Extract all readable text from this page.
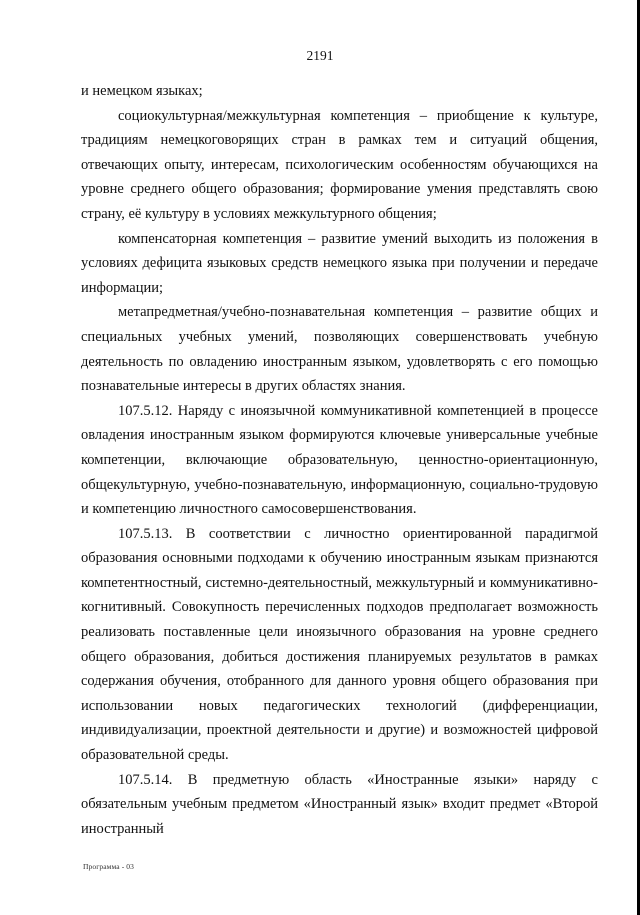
2191

и немецком языках;

социокультурная/межкультурная компетенция – приобщение к культуре, традициям немецкоговорящих стран в рамках тем и ситуаций общения, отвечающих опыту, интересам, психологическим особенностям обучающихся на уровне среднего общего образования; формирование умения представлять свою страну, её культуру в условиях межкультурного общения;

компенсаторная компетенция – развитие умений выходить из положения в условиях дефицита языковых средств немецкого языка при получении и передаче информации;

метапредметная/учебно-познавательная компетенция – развитие общих и специальных учебных умений, позволяющих совершенствовать учебную деятельность по овладению иностранным языком, удовлетворять с его помощью познавательные интересы в других областях знания.

107.5.12. Наряду с иноязычной коммуникативной компетенцией в процессе овладения иностранным языком формируются ключевые универсальные учебные компетенции, включающие образовательную, ценностно-ориентационную, общекультурную, учебно-познавательную, информационную, социально-трудовую и компетенцию личностного самосовершенствования.

107.5.13. В соответствии с личностно ориентированной парадигмой образования основными подходами к обучению иностранным языкам признаются компетентностный, системно-деятельностный, межкультурный и коммуникативно-когнитивный. Совокупность перечисленных подходов предполагает возможность реализовать поставленные цели иноязычного образования на уровне среднего общего образования, добиться достижения планируемых результатов в рамках содержания обучения, отобранного для данного уровня общего образования при использовании новых педагогических технологий (дифференциации, индивидуализации, проектной деятельности и другие) и возможностей цифровой образовательной среды.

107.5.14. В предметную область «Иностранные языки» наряду с обязательным учебным предметом «Иностранный язык» входит предмет «Второй иностранный

Программа - 03
